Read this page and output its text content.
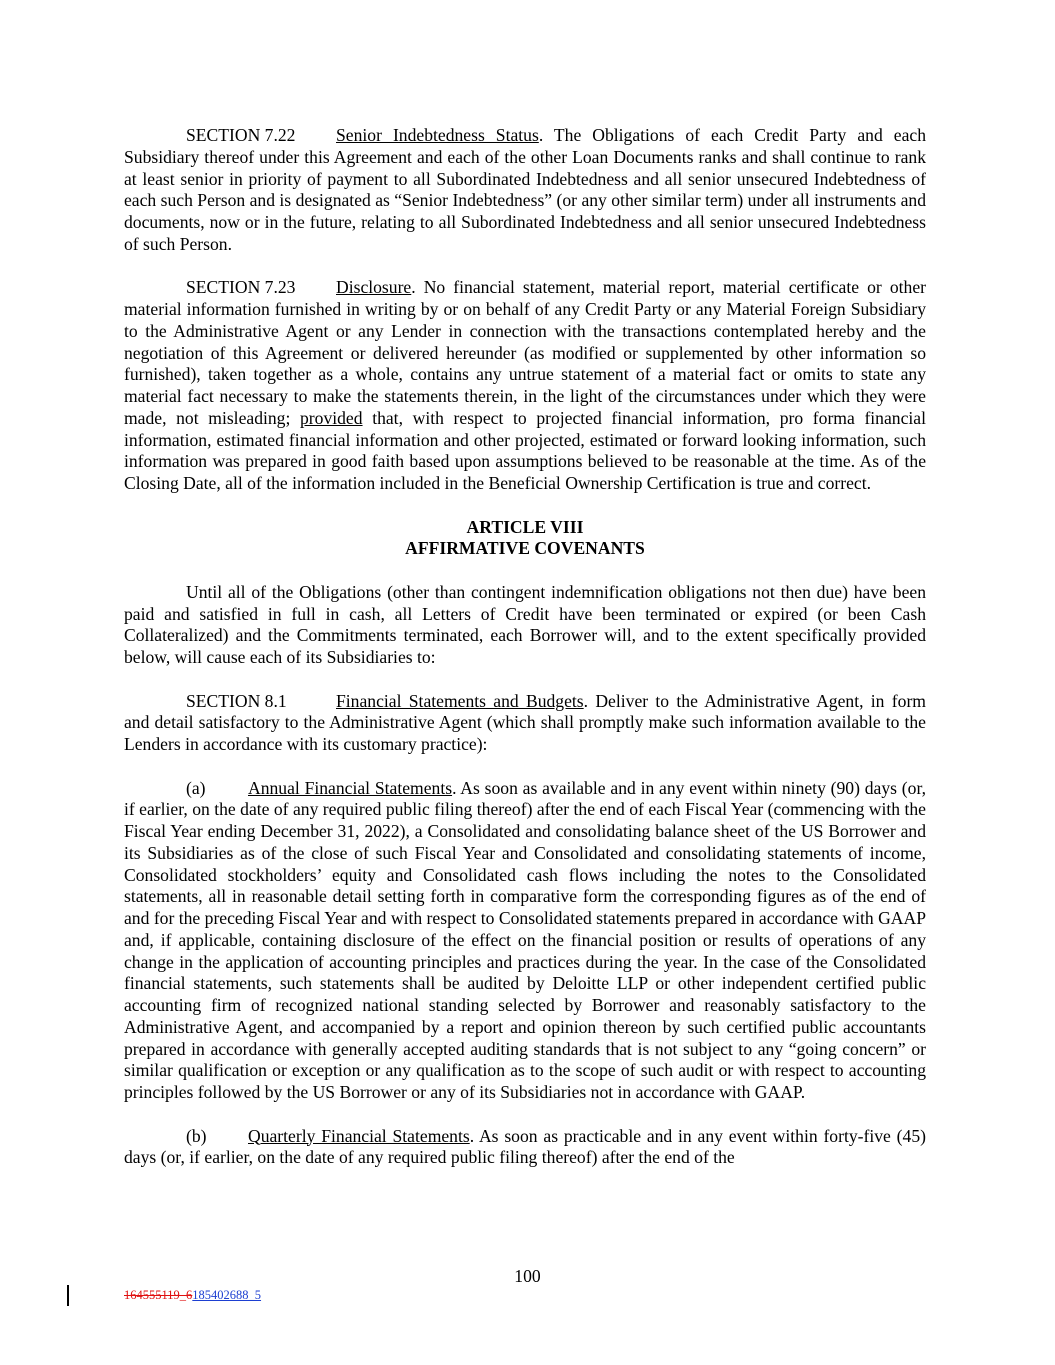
SECTION 7.22 Senior Indebtedness Status. The Obligations of each Credit Party and each Subsidiary thereof under this Agreement and each of the other Loan Documents ranks and shall continue to rank at least senior in priority of payment to all Subordinated Indebtedness and all senior unsecured Indebtedness of each such Person and is designated as “Senior Indebtedness” (or any other similar term) under all instruments and documents, now or in the future, relating to all Subordinated Indebtedness and all senior unsecured Indebtedness of such Person.

SECTION 7.23 Disclosure. No financial statement, material report, material certificate or other material information furnished in writing by or on behalf of any Credit Party or any Material Foreign Subsidiary to the Administrative Agent or any Lender in connection with the transactions contemplated hereby and the negotiation of this Agreement or delivered hereunder (as modified or supplemented by other information so furnished), taken together as a whole, contains any untrue statement of a material fact or omits to state any material fact necessary to make the statements therein, in the light of the circumstances under which they were made, not misleading; provided that, with respect to projected financial information, pro forma financial information, estimated financial information and other projected, estimated or forward looking information, such information was prepared in good faith based upon assumptions believed to be reasonable at the time. As of the Closing Date, all of the information included in the Beneficial Ownership Certification is true and correct.

ARTICLE VIII
AFFIRMATIVE COVENANTS

Until all of the Obligations (other than contingent indemnification obligations not then due) have been paid and satisfied in full in cash, all Letters of Credit have been terminated or expired (or been Cash Collateralized) and the Commitments terminated, each Borrower will, and to the extent specifically provided below, will cause each of its Subsidiaries to:

SECTION 8.1	Financial Statements and Budgets. Deliver to the Administrative Agent, in form and detail satisfactory to the Administrative Agent (which shall promptly make such information available to the Lenders in accordance with its customary practice):

(a) Annual Financial Statements. As soon as available and in any event within ninety (90) days (or, if earlier, on the date of any required public filing thereof) after the end of each Fiscal Year (commencing with the Fiscal Year ending December 31, 2022), a Consolidated and consolidating balance sheet of the US Borrower and its Subsidiaries as of the close of such Fiscal Year and Consolidated and consolidating statements of income, Consolidated stockholders’ equity and Consolidated cash flows including the notes to the Consolidated statements, all in reasonable detail setting forth in comparative form the corresponding figures as of the end of and for the preceding Fiscal Year and with respect to Consolidated statements prepared in accordance with GAAP and, if applicable, containing disclosure of the effect on the financial position or results of operations of any change in the application of accounting principles and practices during the year. In the case of the Consolidated financial statements, such statements shall be audited by Deloitte LLP or other independent certified public accounting firm of recognized national standing selected by Borrower and reasonably satisfactory to the Administrative Agent, and accompanied by a report and opinion thereon by such certified public accountants prepared in accordance with generally accepted auditing standards that is not subject to any “going concern” or similar qualification or exception or any qualification as to the scope of such audit or with respect to accounting principles followed by the US Borrower or any of its Subsidiaries not in accordance with GAAP.

(b) Quarterly Financial Statements. As soon as practicable and in any event within forty-five (45) days (or, if earlier, on the date of any required public filing thereof) after the end of the

100
164555119_6185402688_5
